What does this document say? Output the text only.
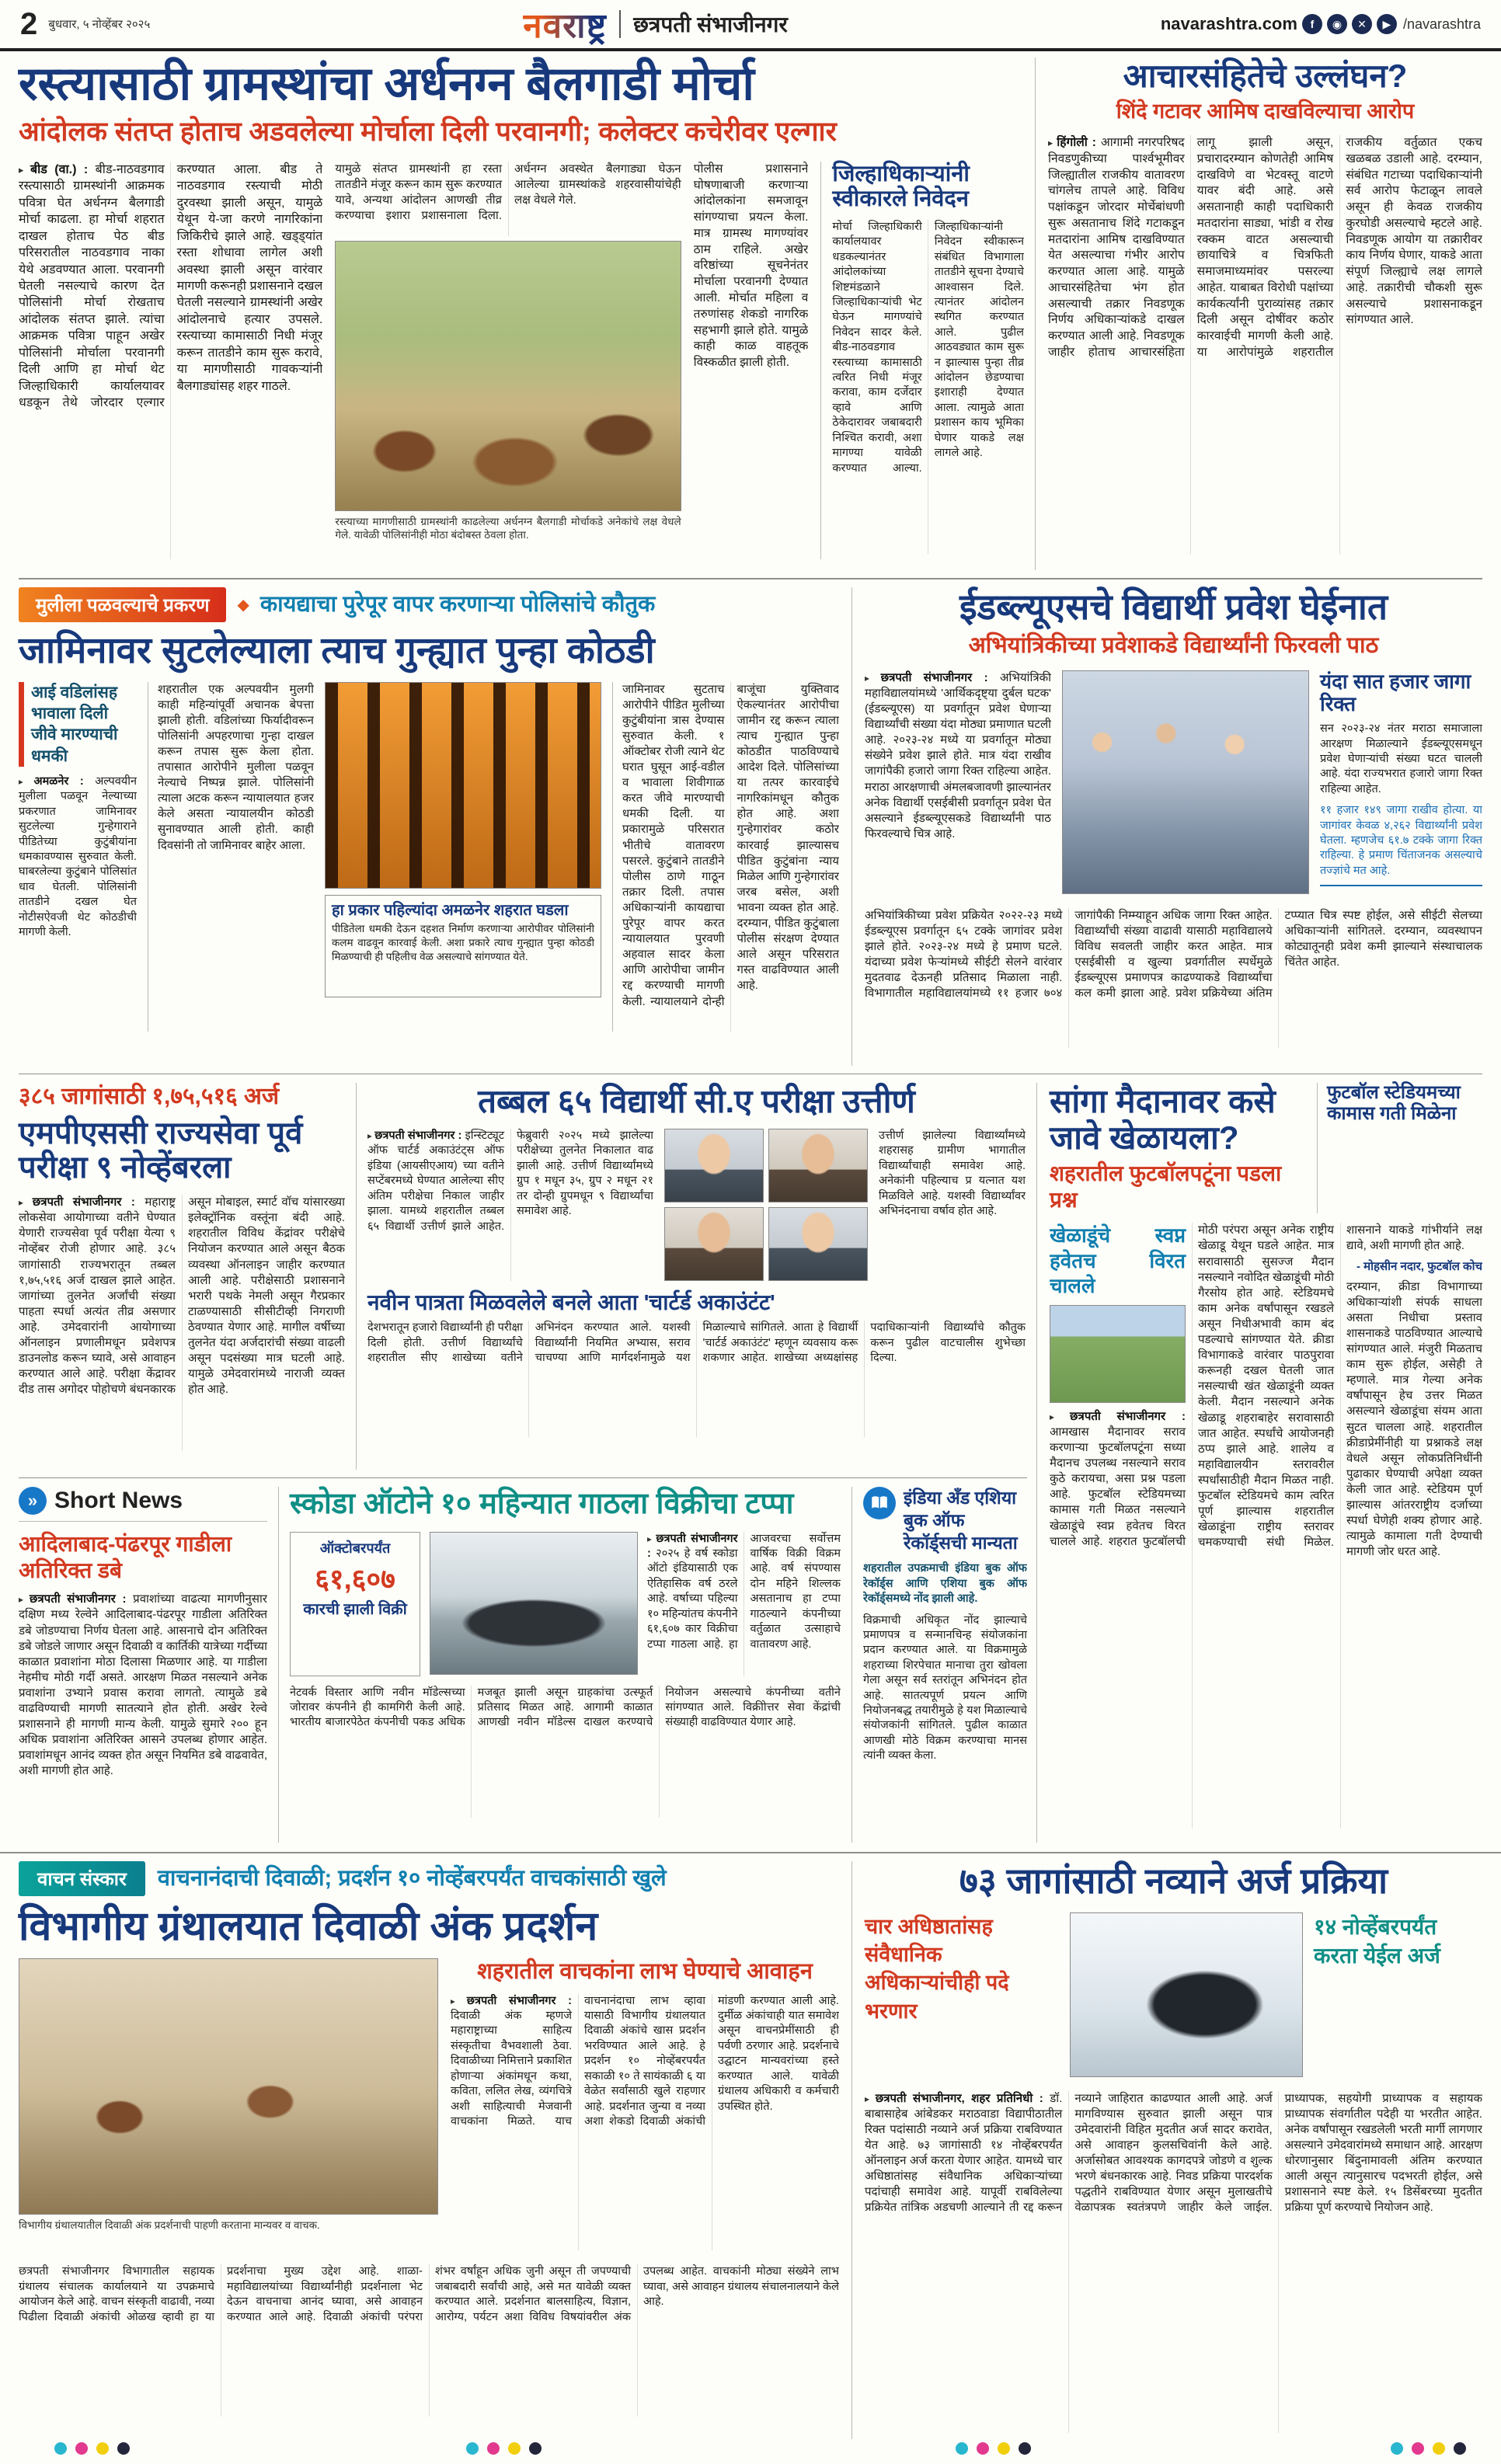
2 बुधवार, ५ नोव्हेंबर २०२५	नवराष्ट्र छत्रपती संभाजीनगर	navarashtra.com	f	◉	✕	▶ /navarashtra
रस्त्यासाठी ग्रामस्थांचा अर्धनग्न बैलगाडी मोर्चा
आंदोलक संतप्त होताच अडवलेल्या मोर्चाला दिली परवानगी; कलेक्टर कचेरीवर एल्गार
▸ बीड (वा.) : बीड-नाठवडगाव रस्त्यासाठी ग्रामस्थांनी आक्रमक पवित्रा घेत अर्धनग्न बैलगाडी मोर्चा काढला. हा मोर्चा शहरात दाखल होताच पेठ बीड परिसरातील नाठवडगाव नाका येथे अडवण्यात आला. परवानगी घेतली नसल्याचे कारण देत पोलिसांनी मोर्चा रोखताच आंदोलक संतप्त झाले. त्यांचा आक्रमक पवित्रा पाहून अखेर पोलिसांनी मोर्चाला परवानगी दिली आणि हा मोर्चा थेट जिल्हाधिकारी कार्यालयावर धडकून तेथे जोरदार एल्गार करण्यात आला. बीड ते नाठवडगाव रस्त्याची मोठी दुरवस्था झाली असून, यामुळे येथून ये-जा करणे नागरिकांना जिकिरीचे झाले आहे. खड्ड्यांत रस्ता शोधावा लागेल अशी अवस्था झाली असून वारंवार मागणी करूनही प्रशासनाने दखल घेतली नसल्याने ग्रामस्थांनी अखेर आंदोलनाचे हत्यार उपसले. रस्त्याच्या कामासाठी निधी मंजूर करून तातडीने काम सुरू करावे, या मागणीसाठी गावकऱ्यांनी बैलगाड्यांसह शहर गाठले.
यामुळे संतप्त ग्रामस्थांनी हा रस्ता तातडीने मंजूर करून काम सुरू करण्यात यावे, अन्यथा आंदोलन आणखी तीव्र करण्याचा इशारा प्रशासनाला दिला. अर्धनग्न अवस्थेत बैलगाड्या घेऊन आलेल्या ग्रामस्थांकडे शहरवासीयांचेही लक्ष वेधले गेले.
रस्त्याच्या मागणीसाठी ग्रामस्थांनी काढलेल्या अर्धनग्न बैलगाडी मोर्चाकडे अनेकांचे लक्ष वेधले गेले. यावेळी पोलिसांनीही मोठा बंदोबस्त ठेवला होता.
पोलीस प्रशासनाने घोषणाबाजी करणाऱ्या आंदोलकांना समजावून सांगण्याचा प्रयत्न केला. मात्र ग्रामस्थ मागण्यांवर ठाम राहिले. अखेर वरिष्ठांच्या सूचनेनंतर मोर्चाला परवानगी देण्यात आली. मोर्चात महिला व तरुणांसह शेकडो नागरिक सहभागी झाले होते. यामुळे काही काळ वाहतूक विस्कळीत झाली होती.
जिल्हाधिकाऱ्यांनी स्वीकारले निवेदन
मोर्चा जिल्हाधिकारी कार्यालयावर धडकल्यानंतर आंदोलकांच्या शिष्टमंडळाने जिल्हाधिकाऱ्यांची भेट घेऊन मागण्यांचे निवेदन सादर केले. बीड-नाठवडगाव रस्त्याच्या कामासाठी त्वरित निधी मंजूर करावा, काम दर्जेदार व्हावे आणि ठेकेदारावर जबाबदारी निश्चित करावी, अशा मागण्या यावेळी करण्यात आल्या. जिल्हाधिकाऱ्यांनी निवेदन स्वीकारून संबंधित विभागाला तातडीने सूचना देण्याचे आश्वासन दिले. त्यानंतर आंदोलन स्थगित करण्यात आले. पुढील आठवड्यात काम सुरू न झाल्यास पुन्हा तीव्र आंदोलन छेडण्याचा इशाराही देण्यात आला. त्यामुळे आता प्रशासन काय भूमिका घेणार याकडे लक्ष लागले आहे.
आचारसंहितेचे उल्लंघन?
शिंदे गटावर आमिष दाखविल्याचा आरोप
▸ हिंगोली : आगामी नगरपरिषद निवडणुकीच्या पार्श्वभूमीवर जिल्ह्यातील राजकीय वातावरण चांगलेच तापले आहे. विविध पक्षांकडून जोरदार मोर्चेबांधणी सुरू असतानाच शिंदे गटाकडून मतदारांना आमिष दाखविण्यात येत असल्याचा गंभीर आरोप करण्यात आला आहे. यामुळे आचारसंहितेचा भंग होत असल्याची तक्रार निवडणूक निर्णय अधिकाऱ्यांकडे दाखल करण्यात आली आहे. निवडणूक जाहीर होताच आचारसंहिता लागू झाली असून, प्रचारादरम्यान कोणतेही आमिष दाखविणे वा भेटवस्तू वाटणे यावर बंदी आहे. असे असतानाही काही पदाधिकारी मतदारांना साड्या, भांडी व रोख रक्कम वाटत असल्याची छायाचित्रे व चित्रफिती समाजमाध्यमांवर पसरल्या आहेत. याबाबत विरोधी पक्षांच्या कार्यकर्त्यांनी पुराव्यांसह तक्रार दिली असून दोषींवर कठोर कारवाईची मागणी केली आहे. या आरोपांमुळे शहरातील राजकीय वर्तुळात एकच खळबळ उडाली आहे. दरम्यान, संबंधित गटाच्या पदाधिकाऱ्यांनी सर्व आरोप फेटाळून लावले असून ही केवळ राजकीय कुरघोडी असल्याचे म्हटले आहे. निवडणूक आयोग या तक्रारीवर काय निर्णय घेणार, याकडे आता संपूर्ण जिल्ह्याचे लक्ष लागले आहे. तक्रारीची चौकशी सुरू असल्याचे प्रशासनाकडून सांगण्यात आले.
मुलीला पळवल्याचे प्रकरण	◆ कायद्याचा पुरेपूर वापर करणाऱ्या पोलिसांचे कौतुक
जामिनावर सुटलेल्याला त्याच गुन्ह्यात पुन्हा कोठडी
आई वडिलांसह भावाला दिली जीवे मारण्याची धमकी
▸ अमळनेर : अल्पवयीन मुलीला पळवून नेल्याच्या प्रकरणात जामिनावर सुटलेल्या गुन्हेगाराने पीडितेच्या कुटुंबीयांना धमकावण्यास सुरुवात केली. घाबरलेल्या कुटुंबाने पोलिसांत धाव घेतली. पोलिसांनी तातडीने दखल घेत नोटीसऐवजी थेट कोठडीची मागणी केली.
शहरातील एक अल्पवयीन मुलगी काही महिन्यांपूर्वी अचानक बेपत्ता झाली होती. वडिलांच्या फिर्यादीवरून पोलिसांनी अपहरणाचा गुन्हा दाखल करून तपास सुरू केला होता. तपासात आरोपीने मुलीला पळवून नेल्याचे निष्पन्न झाले. पोलिसांनी त्याला अटक करून न्यायालयात हजर केले असता न्यायालयीन कोठडी सुनावण्यात आली होती. काही दिवसांनी तो जामिनावर बाहेर आला.
हा प्रकार पहिल्यांदा अमळनेर शहरात घडला
पीडितेला धमकी देऊन दहशत निर्माण करणाऱ्या आरोपीवर पोलिसांनी कलम वाढवून कारवाई केली. अशा प्रकारे त्याच गुन्ह्यात पुन्हा कोठडी मिळण्याची ही पहिलीच वेळ असल्याचे सांगण्यात येते.
जामिनावर सुटताच आरोपीने पीडित मुलीच्या कुटुंबीयांना त्रास देण्यास सुरुवात केली. १ ऑक्टोबर रोजी त्याने थेट घरात घुसून आई-वडील व भावाला शिवीगाळ करत जीवे मारण्याची धमकी दिली. या प्रकारामुळे परिसरात भीतीचे वातावरण पसरले. कुटुंबाने तातडीने पोलीस ठाणे गाठून तक्रार दिली. तपास अधिकाऱ्यांनी कायद्याचा पुरेपूर वापर करत न्यायालयात पुरवणी अहवाल सादर केला आणि आरोपीचा जामीन रद्द करण्याची मागणी केली. न्यायालयाने दोन्ही बाजूंचा युक्तिवाद ऐकल्यानंतर आरोपीचा जामीन रद्द करून त्याला त्याच गुन्ह्यात पुन्हा कोठडीत पाठविण्याचे आदेश दिले. पोलिसांच्या या तत्पर कारवाईचे नागरिकांमधून कौतुक होत आहे. अशा गुन्हेगारांवर कठोर कारवाई झाल्यासच पीडित कुटुंबांना न्याय मिळेल आणि गुन्हेगारांवर जरब बसेल, अशी भावना व्यक्त होत आहे. दरम्यान, पीडित कुटुंबाला पोलीस संरक्षण देण्यात आले असून परिसरात गस्त वाढविण्यात आली आहे.
ईडब्ल्यूएसचे विद्यार्थी प्रवेश घेईनात
अभियांत्रिकीच्या प्रवेशाकडे विद्यार्थ्यांनी फिरवली पाठ
▸ छत्रपती संभाजीनगर : अभियांत्रिकी महाविद्यालयांमध्ये 'आर्थिकदृष्ट्या दुर्बल घटक' (ईडब्ल्यूएस) या प्रवर्गातून प्रवेश घेणाऱ्या विद्यार्थ्यांची संख्या यंदा मोठ्या प्रमाणात घटली आहे. २०२३-२४ मध्ये या प्रवर्गातून मोठ्या संख्येने प्रवेश झाले होते. मात्र यंदा राखीव जागांपैकी हजारो जागा रिक्त राहिल्या आहेत. मराठा आरक्षणाची अंमलबजावणी झाल्यानंतर अनेक विद्यार्थी एसईबीसी प्रवर्गातून प्रवेश घेत असल्याने ईडब्ल्यूएसकडे विद्यार्थ्यांनी पाठ फिरवल्याचे चित्र आहे.
यंदा सात हजार जागा रिक्त
सन २०२३-२४ नंतर मराठा समाजाला आरक्षण मिळाल्याने ईडब्ल्यूएसमधून प्रवेश घेणाऱ्यांची संख्या घटत चालली आहे. यंदा राज्यभरात हजारो जागा रिक्त राहिल्या आहेत.
११ हजार १४९ जागा राखीव होत्या. या जागांवर केवळ ४,२६२ विद्यार्थ्यांनी प्रवेश घेतला. म्हणजेच ६१.७ टक्के जागा रिक्त राहिल्या. हे प्रमाण चिंताजनक असल्याचे तज्ज्ञांचे मत आहे.
अभियांत्रिकीच्या प्रवेश प्रक्रियेत २०२२-२३ मध्ये ईडब्ल्यूएस प्रवर्गातून ६५ टक्के जागांवर प्रवेश झाले होते. २०२३-२४ मध्ये हे प्रमाण घटले. यंदाच्या प्रवेश फेऱ्यांमध्ये सीईटी सेलने वारंवार मुदतवाढ देऊनही प्रतिसाद मिळाला नाही. विभागातील महाविद्यालयांमध्ये ११ हजार ७०४ जागांपैकी निम्म्याहून अधिक जागा रिक्त आहेत. विद्यार्थ्यांची संख्या वाढावी यासाठी महाविद्यालये विविध सवलती जाहीर करत आहेत. मात्र एसईबीसी व खुल्या प्रवर्गातील स्पर्धेमुळे ईडब्ल्यूएस प्रमाणपत्र काढण्याकडे विद्यार्थ्यांचा कल कमी झाला आहे. प्रवेश प्रक्रियेच्या अंतिम टप्प्यात चित्र स्पष्ट होईल, असे सीईटी सेलच्या अधिकाऱ्यांनी सांगितले. दरम्यान, व्यवस्थापन कोट्यातूनही प्रवेश कमी झाल्याने संस्थाचालक चिंतेत आहेत.
३८५ जागांसाठी १,७५,५१६ अर्ज
एमपीएससी राज्यसेवा पूर्व परीक्षा ९ नोव्हेंबरला
▸ छत्रपती संभाजीनगर : महाराष्ट्र लोकसेवा आयोगाच्या वतीने घेण्यात येणारी राज्यसेवा पूर्व परीक्षा येत्या ९ नोव्हेंबर रोजी होणार आहे. ३८५ जागांसाठी राज्यभरातून तब्बल १,७५,५१६ अर्ज दाखल झाले आहेत. जागांच्या तुलनेत अर्जांची संख्या पाहता स्पर्धा अत्यंत तीव्र असणार आहे. उमेदवारांनी आयोगाच्या ऑनलाइन प्रणालीमधून प्रवेशपत्र डाउनलोड करून घ्यावे, असे आवाहन करण्यात आले आहे. परीक्षा केंद्रावर दीड तास अगोदर पोहोचणे बंधनकारक असून मोबाइल, स्मार्ट वॉच यांसारख्या इलेक्ट्रॉनिक वस्तूंना बंदी आहे. शहरातील विविध केंद्रांवर परीक्षेचे नियोजन करण्यात आले असून बैठक व्यवस्था ऑनलाइन जाहीर करण्यात आली आहे. परीक्षेसाठी प्रशासनाने भरारी पथके नेमली असून गैरप्रकार टाळण्यासाठी सीसीटीव्ही निगराणी ठेवण्यात येणार आहे. मागील वर्षीच्या तुलनेत यंदा अर्जदारांची संख्या वाढली असून पदसंख्या मात्र घटली आहे. यामुळे उमेदवारांमध्ये नाराजी व्यक्त होत आहे.
तब्बल ६५ विद्यार्थी सी.ए परीक्षा उत्तीर्ण
▸ छत्रपती संभाजीनगर : इन्स्टिट्यूट ऑफ चार्टर्ड अकाउंटंट्स ऑफ इंडिया (आयसीएआय) च्या वतीने सप्टेंबरमध्ये घेण्यात आलेल्या सीए अंतिम परीक्षेचा निकाल जाहीर झाला. यामध्ये शहरातील तब्बल ६५ विद्यार्थी उत्तीर्ण झाले आहेत. फेब्रुवारी २०२५ मध्ये झालेल्या परीक्षेच्या तुलनेत निकालात वाढ झाली आहे. उत्तीर्ण विद्यार्थ्यांमध्ये ग्रुप १ मधून ३५, ग्रुप २ मधून २१ तर दोन्ही ग्रुपमधून ९ विद्यार्थ्यांचा समावेश आहे.
उत्तीर्ण झालेल्या विद्यार्थ्यांमध्ये शहरासह ग्रामीण भागातील विद्यार्थ्यांचाही समावेश आहे. अनेकांनी पहिल्याच प्र यत्नात यश मिळविले आहे. यशस्वी विद्यार्थ्यांवर अभिनंदनाचा वर्षाव होत आहे.
नवीन पात्रता मिळवलेले बनले आता 'चार्टर्ड अकाउंटंट'
देशभरातून हजारो विद्यार्थ्यांनी ही परीक्षा दिली होती. उत्तीर्ण विद्यार्थ्यांचे शहरातील सीए शाखेच्या वतीने अभिनंदन करण्यात आले. यशस्वी विद्यार्थ्यांनी नियमित अभ्यास, सराव चाचण्या आणि मार्गदर्शनामुळे यश मिळाल्याचे सांगितले. आता हे विद्यार्थी 'चार्टर्ड अकाउंटंट' म्हणून व्यवसाय करू शकणार आहेत. शाखेच्या अध्यक्षांसह पदाधिकाऱ्यांनी विद्यार्थ्यांचे कौतुक करून पुढील वाटचालीस शुभेच्छा दिल्या.
सांगा मैदानावर कसे जावे खेळायला?
शहरातील फुटबॉलपटूंना पडला प्रश्न
फुटबॉल स्टेडियमच्या कामास गती मिळेना
खेळाडूंचे स्वप्न हवेतच विरत चालले
▸ छत्रपती संभाजीनगर : आमखास मैदानावर सराव करणाऱ्या फुटबॉलपटूंना सध्या मैदानच उपलब्ध नसल्याने सराव कुठे करायचा, असा प्रश्न पडला आहे. फुटबॉल स्टेडियमच्या कामास गती मिळत नसल्याने खेळाडूंचे स्वप्न हवेतच विरत चालले आहे. शहरात फुटबॉलची मोठी परंपरा असून अनेक राष्ट्रीय खेळाडू येथून घडले आहेत. मात्र सरावासाठी सुसज्ज मैदान नसल्याने नवोदित खेळाडूंची मोठी गैरसोय होत आहे. स्टेडियमचे काम अनेक वर्षांपासून रखडले असून निधीअभावी काम बंद पडल्याचे सांगण्यात येते. क्रीडा विभागाकडे वारंवार पाठपुरावा करूनही दखल घेतली जात नसल्याची खंत खेळाडूंनी व्यक्त केली. मैदान नसल्याने अनेक खेळाडू शहराबाहेर सरावासाठी जात आहेत. स्पर्धांचे आयोजनही ठप्प झाले आहे. शालेय व महाविद्यालयीन स्तरावरील स्पर्धांसाठीही मैदान मिळत नाही. फुटबॉल स्टेडियमचे काम त्वरित पूर्ण झाल्यास शहरातील खेळाडूंना राष्ट्रीय स्तरावर चमकण्याची संधी मिळेल. शासनाने याकडे गांभीर्याने लक्ष द्यावे, अशी मागणी होत आहे.
- मोहसीन नदार, फुटबॉल कोच
दरम्यान, क्रीडा विभागाच्या अधिकाऱ्यांशी संपर्क साधला असता निधीचा प्रस्ताव शासनाकडे पाठविण्यात आल्याचे सांगण्यात आले. मंजुरी मिळताच काम सुरू होईल, असेही ते म्हणाले. मात्र गेल्या अनेक वर्षांपासून हेच उत्तर मिळत असल्याने खेळाडूंचा संयम आता सुटत चालला आहे. शहरातील क्रीडाप्रेमींनीही या प्रश्नाकडे लक्ष वेधले असून लोकप्रतिनिधींनी पुढाकार घेण्याची अपेक्षा व्यक्त केली जात आहे. स्टेडियम पूर्ण झाल्यास आंतरराष्ट्रीय दर्जाच्या स्पर्धा घेणेही शक्य होणार आहे. त्यामुळे कामाला गती देण्याची मागणी जोर धरत आहे.
» Short News
आदिलाबाद-पंढरपूर गाडीला अतिरिक्त डबे
▸ छत्रपती संभाजीनगर : प्रवाशांच्या वाढत्या मागणीनुसार दक्षिण मध्य रेल्वेने आदिलाबाद-पंढरपूर गाडीला अतिरिक्त डबे जोडण्याचा निर्णय घेतला आहे. आसनाचे दोन अतिरिक्त डबे जोडले जाणार असून दिवाळी व कार्तिकी यात्रेच्या गर्दीच्या काळात प्रवाशांना मोठा दिलासा मिळणार आहे. या गाडीला नेहमीच मोठी गर्दी असते. आरक्षण मिळत नसल्याने अनेक प्रवाशांना उभ्याने प्रवास करावा लागतो. त्यामुळे डबे वाढविण्याची मागणी सातत्याने होत होती. अखेर रेल्वे प्रशासनाने ही मागणी मान्य केली. यामुळे सुमारे २०० हून अधिक प्रवाशांना अतिरिक्त आसने उपलब्ध होणार आहेत. प्रवाशांमधून आनंद व्यक्त होत असून नियमित डबे वाढवावेत, अशी मागणी होत आहे.
स्कोडा ऑटोने १० महिन्यात गाठला विक्रीचा टप्पा
ऑक्टोबरपर्यंत
६१,६०७
कारची झाली विक्री
▸ छत्रपती संभाजीनगर : २०२५ हे वर्ष स्कोडा ऑटो इंडियासाठी एक ऐतिहासिक वर्ष ठरले आहे. वर्षाच्या पहिल्या १० महिन्यांतच कंपनीने ६१,६०७ कार विक्रीचा टप्पा गाठला आहे. हा आजवरचा सर्वोत्तम वार्षिक विक्री विक्रम आहे. वर्ष संपण्यास दोन महिने शिल्लक असतानाच हा टप्पा गाठल्याने कंपनीच्या वर्तुळात उत्साहाचे वातावरण आहे.
नेटवर्क विस्तार आणि नवीन मॉडेल्सच्या जोरावर कंपनीने ही कामगिरी केली आहे. भारतीय बाजारपेठेत कंपनीची पकड अधिक मजबूत झाली असून ग्राहकांचा उत्स्फूर्त प्रतिसाद मिळत आहे. आगामी काळात आणखी नवीन मॉडेल्स दाखल करण्याचे नियोजन असल्याचे कंपनीच्या वतीने सांगण्यात आले. विक्रीोत्तर सेवा केंद्रांची संख्याही वाढविण्यात येणार आहे.
इंडिया अँड एशिया बुक ऑफ रेकॉर्ड्सची मान्यता
शहरातील उपक्रमाची इंडिया बुक ऑफ रेकॉर्ड्स आणि एशिया बुक ऑफ रेकॉर्ड्समध्ये नोंद झाली आहे.
विक्रमाची अधिकृत नोंद झाल्याचे प्रमाणपत्र व सन्मानचिन्ह संयोजकांना प्रदान करण्यात आले. या विक्रमामुळे शहराच्या शिरपेचात मानाचा तुरा खोवला गेला असून सर्व स्तरांतून अभिनंदन होत आहे. सातत्यपूर्ण प्रयत्न आणि नियोजनबद्ध तयारीमुळे हे यश मिळाल्याचे संयोजकांनी सांगितले. पुढील काळात आणखी मोठे विक्रम करण्याचा मानस त्यांनी व्यक्त केला.
वाचन संस्कार	वाचनानंदाची दिवाळी; प्रदर्शन १० नोव्हेंबरपर्यंत वाचकांसाठी खुले
विभागीय ग्रंथालयात दिवाळी अंक प्रदर्शन
विभागीय ग्रंथालयातील दिवाळी अंक प्रदर्शनाची पाहणी करताना मान्यवर व वाचक.
शहरातील वाचकांना लाभ घेण्याचे आवाहन
▸ छत्रपती संभाजीनगर : दिवाळी अंक म्हणजे महाराष्ट्राच्या साहित्य संस्कृतीचा वैभवशाली ठेवा. दिवाळीच्या निमित्ताने प्रकाशित होणाऱ्या अंकांमधून कथा, कविता, ललित लेख, व्यंगचित्रे अशी साहित्याची मेजवानी वाचकांना मिळते. याच वाचनानंदाचा लाभ व्हावा यासाठी विभागीय ग्रंथालयात दिवाळी अंकांचे खास प्रदर्शन भरविण्यात आले आहे. हे प्रदर्शन १० नोव्हेंबरपर्यंत सकाळी १० ते सायंकाळी ६ या वेळेत सर्वांसाठी खुले राहणार आहे. प्रदर्शनात जुन्या व नव्या अशा शेकडो दिवाळी अंकांची मांडणी करण्यात आली आहे. दुर्मीळ अंकांचाही यात समावेश असून वाचनप्रेमींसाठी ही पर्वणी ठरणार आहे. प्रदर्शनाचे उद्घाटन मान्यवरांच्या हस्ते करण्यात आले. यावेळी ग्रंथालय अधिकारी व कर्मचारी उपस्थित होते.
छत्रपती संभाजीनगर विभागातील सहायक ग्रंथालय संचालक कार्यालयाने या उपक्रमाचे आयोजन केले आहे. वाचन संस्कृती वाढावी, नव्या पिढीला दिवाळी अंकांची ओळख व्हावी हा या प्रदर्शनाचा मुख्य उद्देश आहे. शाळा-महाविद्यालयांच्या विद्यार्थ्यांनीही प्रदर्शनाला भेट देऊन वाचनाचा आनंद घ्यावा, असे आवाहन करण्यात आले आहे. दिवाळी अंकांची परंपरा शंभर वर्षांहून अधिक जुनी असून ती जपण्याची जबाबदारी सर्वांची आहे, असे मत यावेळी व्यक्त करण्यात आले. प्रदर्शनात बालसाहित्य, विज्ञान, आरोग्य, पर्यटन अशा विविध विषयांवरील अंक उपलब्ध आहेत. वाचकांनी मोठ्या संख्येने लाभ घ्यावा, असे आवाहन ग्रंथालय संचालनालयाने केले आहे.
७३ जागांसाठी नव्याने अर्ज प्रक्रिया
चार अधिष्ठातांसह संवैधानिक अधिकाऱ्यांचीही पदे भरणार
१४ नोव्हेंबरपर्यंत करता येईल अर्ज
▸ छत्रपती संभाजीनगर, शहर प्रतिनिधी : डॉ. बाबासाहेब आंबेडकर मराठवाडा विद्यापीठातील रिक्त पदांसाठी नव्याने अर्ज प्रक्रिया राबविण्यात येत आहे. ७३ जागांसाठी १४ नोव्हेंबरपर्यंत ऑनलाइन अर्ज करता येणार आहेत. यामध्ये चार अधिष्ठातांसह संवैधानिक अधिकाऱ्यांच्या पदांचाही समावेश आहे. यापूर्वी राबविलेल्या प्रक्रियेत तांत्रिक अडचणी आल्याने ती रद्द करून नव्याने जाहिरात काढण्यात आली आहे. अर्ज मागविण्यास सुरुवात झाली असून पात्र उमेदवारांनी विहित मुदतीत अर्ज सादर करावेत, असे आवाहन कुलसचिवांनी केले आहे. अर्जासोबत आवश्यक कागदपत्रे जोडणे व शुल्क भरणे बंधनकारक आहे. निवड प्रक्रिया पारदर्शक पद्धतीने राबविण्यात येणार असून मुलाखतीचे वेळापत्रक स्वतंत्रपणे जाहीर केले जाईल. प्राध्यापक, सहयोगी प्राध्यापक व सहायक प्राध्यापक संवर्गातील पदेही या भरतीत आहेत. अनेक वर्षांपासून रखडलेली भरती मार्गी लागणार असल्याने उमेदवारांमध्ये समाधान आहे. आरक्षण धोरणानुसार बिंदुनामावली अंतिम करण्यात आली असून त्यानुसारच पदभरती होईल, असे प्रशासनाने स्पष्ट केले. १५ डिसेंबरच्या मुदतीत प्रक्रिया पूर्ण करण्याचे नियोजन आहे.
